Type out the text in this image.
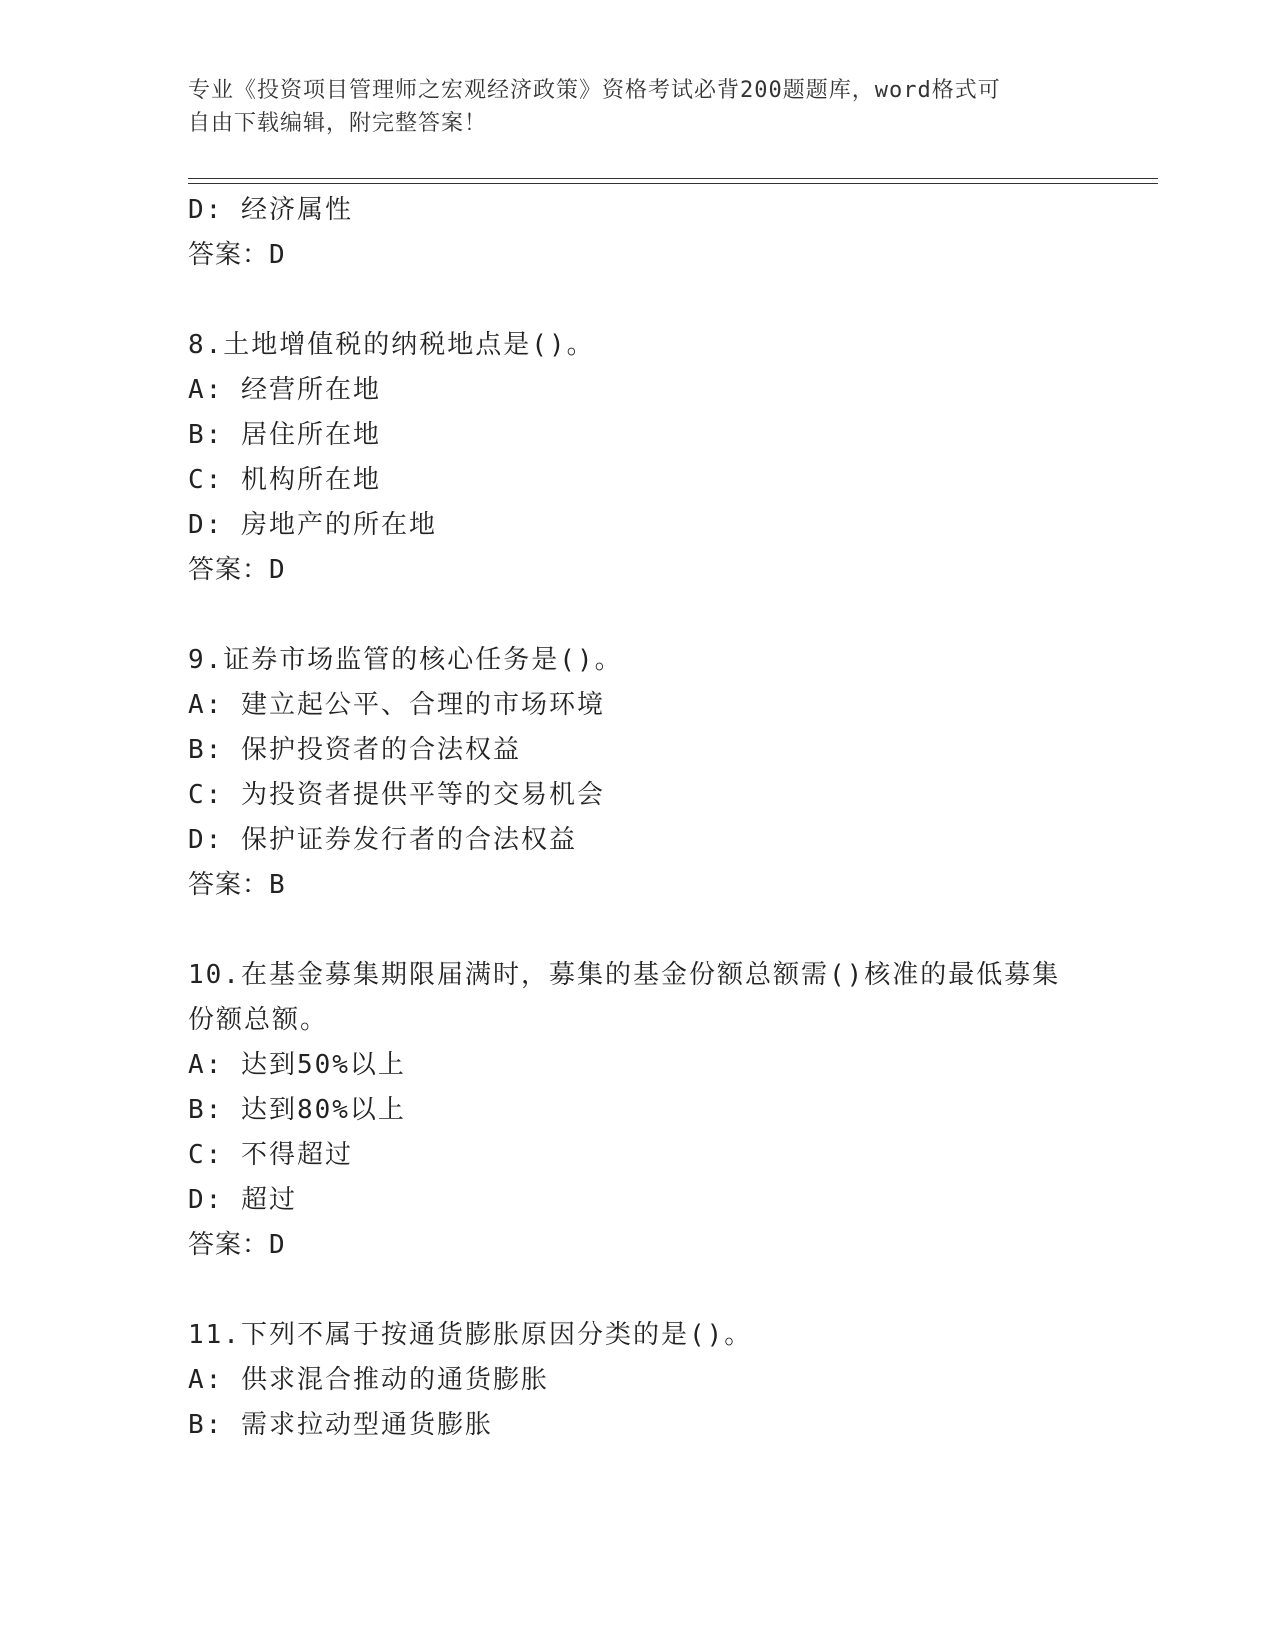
专业《投资项目管理师之宏观经济政策》资格考试必背200题题库，word格式可
自由下载编辑，附完整答案！
D: 经济属性
答案：D
8.土地增值税的纳税地点是()。
A: 经营所在地
B: 居住所在地
C: 机构所在地
D: 房地产的所在地
答案：D
9.证券市场监管的核心任务是()。
A: 建立起公平、合理的市场环境
B: 保护投资者的合法权益
C: 为投资者提供平等的交易机会
D: 保护证券发行者的合法权益
答案：B
10.在基金募集期限届满时，募集的基金份额总额需()核准的最低募集
份额总额。
A: 达到50%以上
B: 达到80%以上
C: 不得超过
D: 超过
答案：D
11.下列不属于按通货膨胀原因分类的是()。
A: 供求混合推动的通货膨胀
B: 需求拉动型通货膨胀
